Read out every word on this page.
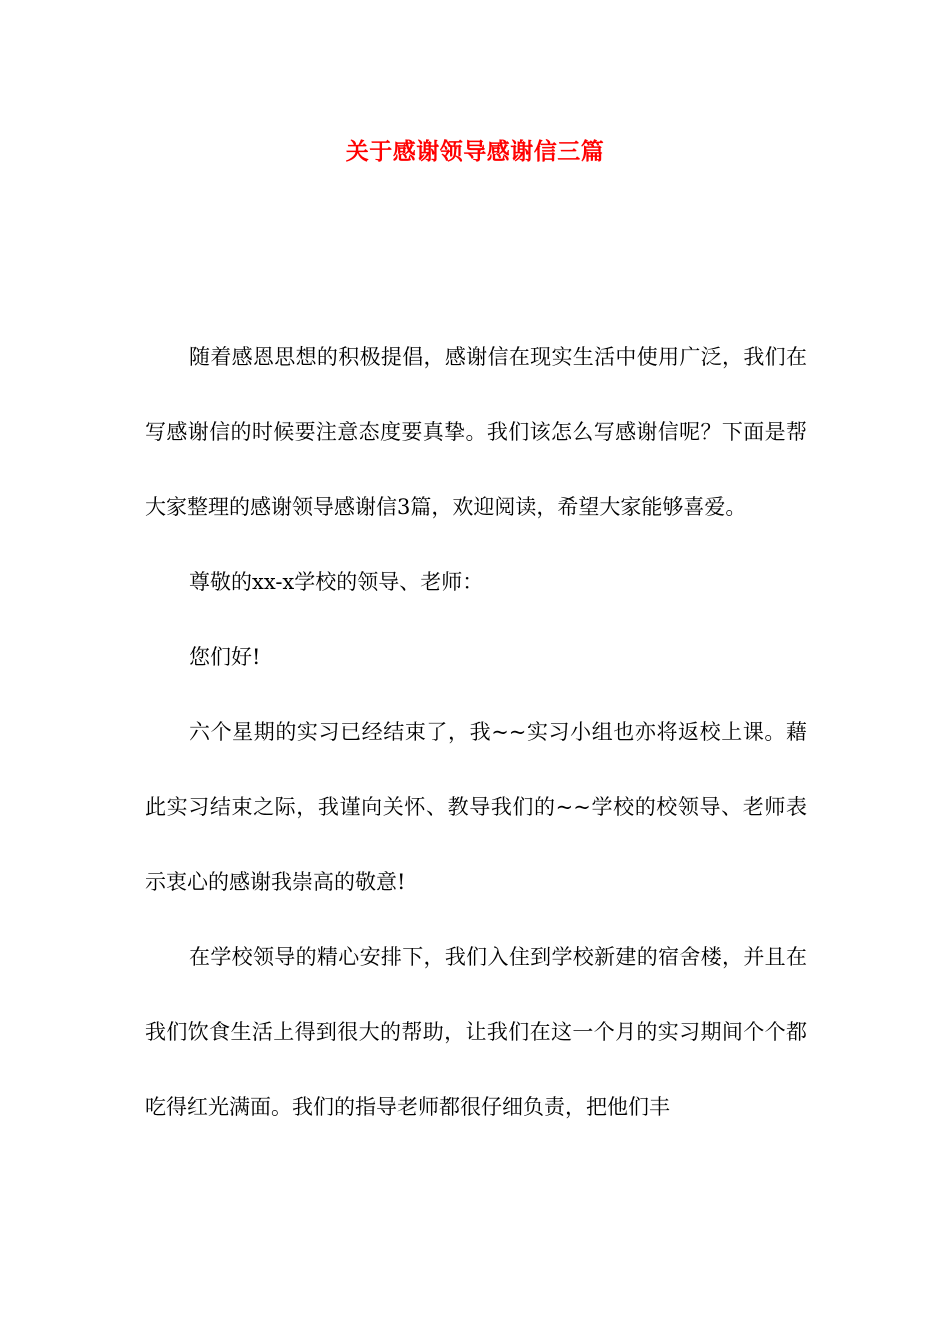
关于感谢领导感谢信三篇

随着感恩思想的积极提倡，感谢信在现实生活中使用广泛，我们在写感谢信的时候要注意态度要真挚。我们该怎么写感谢信呢？下面是帮大家整理的感谢领导感谢信3篇，欢迎阅读，希望大家能够喜爱。

尊敬的xx-x学校的领导、老师：

您们好!

六个星期的实习已经结束了，我~~实习小组也亦将返校上课。藉此实习结束之际，我谨向关怀、教导我们的~~学校的校领导、老师表示衷心的感谢我崇高的敬意!

在学校领导的精心安排下，我们入住到学校新建的宿舍楼，并且在我们饮食生活上得到很大的帮助，让我们在这一个月的实习期间个个都吃得红光满面。我们的指导老师都很仔细负责，把他们丰
